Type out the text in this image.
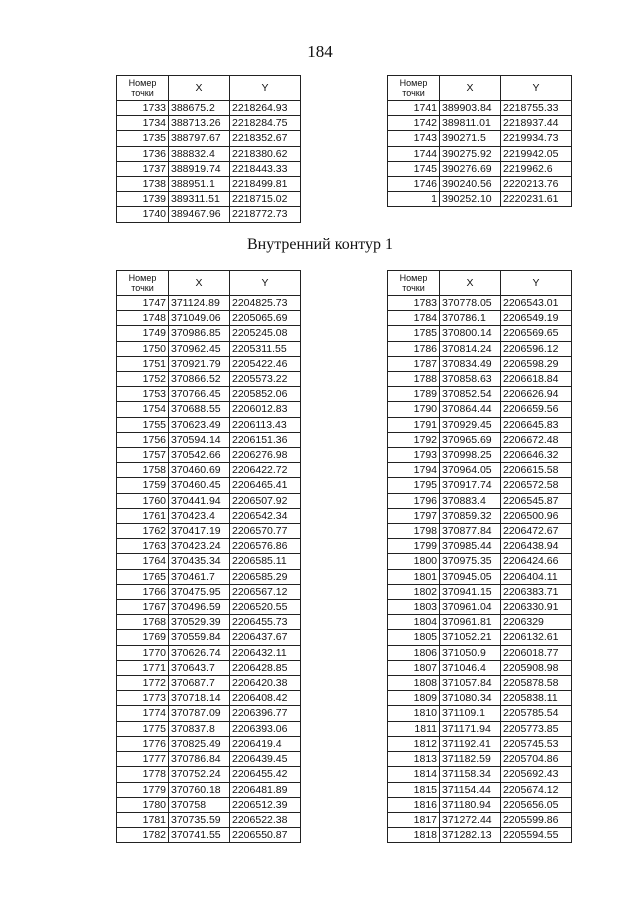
184
Номер
точки	X	Y
1733	388675.2	2218264.93
1734	388713.26	2218284.75
1735	388797.67	2218352.67
1736	388832.4	2218380.62
1737	388919.74	2218443.33
1738	388951.1	2218499.81
1739	389311.51	2218715.02
1740	389467.96	2218772.73
Номер
точки	X	Y
1741	389903.84	2218755.33
1742	389811.01	2218937.44
1743	390271.5	2219934.73
1744	390275.92	2219942.05
1745	390276.69	2219962.6
1746	390240.56	2220213.76
1	390252.10	2220231.61
Внутренний контур 1
Номер
точки	X	Y
1747	371124.89	2204825.73
1748	371049.06	2205065.69
1749	370986.85	2205245.08
1750	370962.45	2205311.55
1751	370921.79	2205422.46
1752	370866.52	2205573.22
1753	370766.45	2205852.06
1754	370688.55	2206012.83
1755	370623.49	2206113.43
1756	370594.14	2206151.36
1757	370542.66	2206276.98
1758	370460.69	2206422.72
1759	370460.45	2206465.41
1760	370441.94	2206507.92
1761	370423.4	2206542.34
1762	370417.19	2206570.77
1763	370423.24	2206576.86
1764	370435.34	2206585.11
1765	370461.7	2206585.29
1766	370475.95	2206567.12
1767	370496.59	2206520.55
1768	370529.39	2206455.73
1769	370559.84	2206437.67
1770	370626.74	2206432.11
1771	370643.7	2206428.85
1772	370687.7	2206420.38
1773	370718.14	2206408.42
1774	370787.09	2206396.77
1775	370837.8	2206393.06
1776	370825.49	2206419.4
1777	370786.84	2206439.45
1778	370752.24	2206455.42
1779	370760.18	2206481.89
1780	370758	2206512.39
1781	370735.59	2206522.38
1782	370741.55	2206550.87
Номер
точки	X	Y
1783	370778.05	2206543.01
1784	370786.1	2206549.19
1785	370800.14	2206569.65
1786	370814.24	2206596.12
1787	370834.49	2206598.29
1788	370858.63	2206618.84
1789	370852.54	2206626.94
1790	370864.44	2206659.56
1791	370929.45	2206645.83
1792	370965.69	2206672.48
1793	370998.25	2206646.32
1794	370964.05	2206615.58
1795	370917.74	2206572.58
1796	370883.4	2206545.87
1797	370859.32	2206500.96
1798	370877.84	2206472.67
1799	370985.44	2206438.94
1800	370975.35	2206424.66
1801	370945.05	2206404.11
1802	370941.15	2206383.71
1803	370961.04	2206330.91
1804	370961.81	2206329
1805	371052.21	2206132.61
1806	371050.9	2206018.77
1807	371046.4	2205908.98
1808	371057.84	2205878.58
1809	371080.34	2205838.11
1810	371109.1	2205785.54
1811	371171.94	2205773.85
1812	371192.41	2205745.53
1813	371182.59	2205704.86
1814	371158.34	2205692.43
1815	371154.44	2205674.12
1816	371180.94	2205656.05
1817	371272.44	2205599.86
1818	371282.13	2205594.55
